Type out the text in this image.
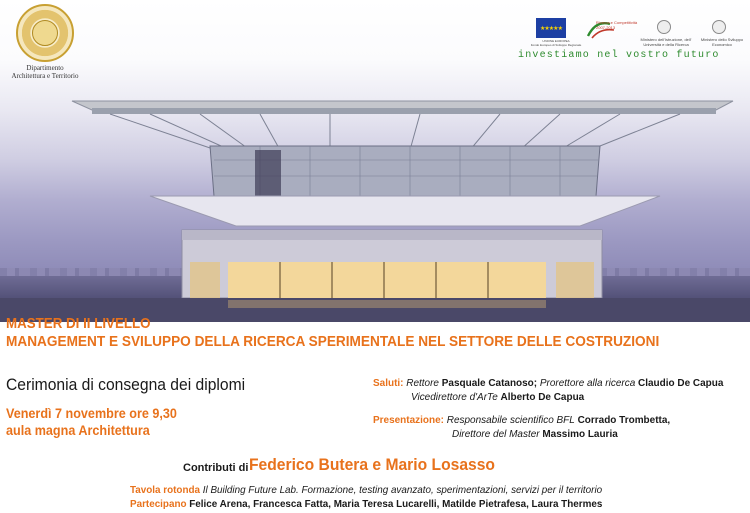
Dipartimento
Architettura e Territorio
★★★★★
UNIONE EUROPEA
Fondo Europeo di Sviluppo Regionale
Ricerca e Competitività
2007-2013
Ministero dell'Istruzione, dell' Università e della Ricerca
Ministero dello Sviluppo Economico
investiamo nel vostro futuro
MASTER DI II LIVELLO
MANAGEMENT E SVILUPPO DELLA RICERCA SPERIMENTALE NEL SETTORE DELLE COSTRUZIONI
Cerimonia di consegna dei diplomi
Venerdì 7 novembre ore 9,30
aula magna Architettura
Saluti: Rettore Pasquale Catanoso; Prorettore alla ricerca Claudio De Capua
Vicedirettore d'ArTe Alberto De Capua
Presentazione: Responsabile scientifico BFL Corrado Trombetta,
Direttore del Master Massimo Lauria
Contributi di Federico Butera e Mario Losasso
Tavola rotonda Il Building Future Lab. Formazione, testing avanzato, sperimentazioni, servizi per il territorio
Partecipano Felice Arena, Francesca Fatta, Maria Teresa Lucarelli, Matilde Pietrafesa, Laura Thermes
